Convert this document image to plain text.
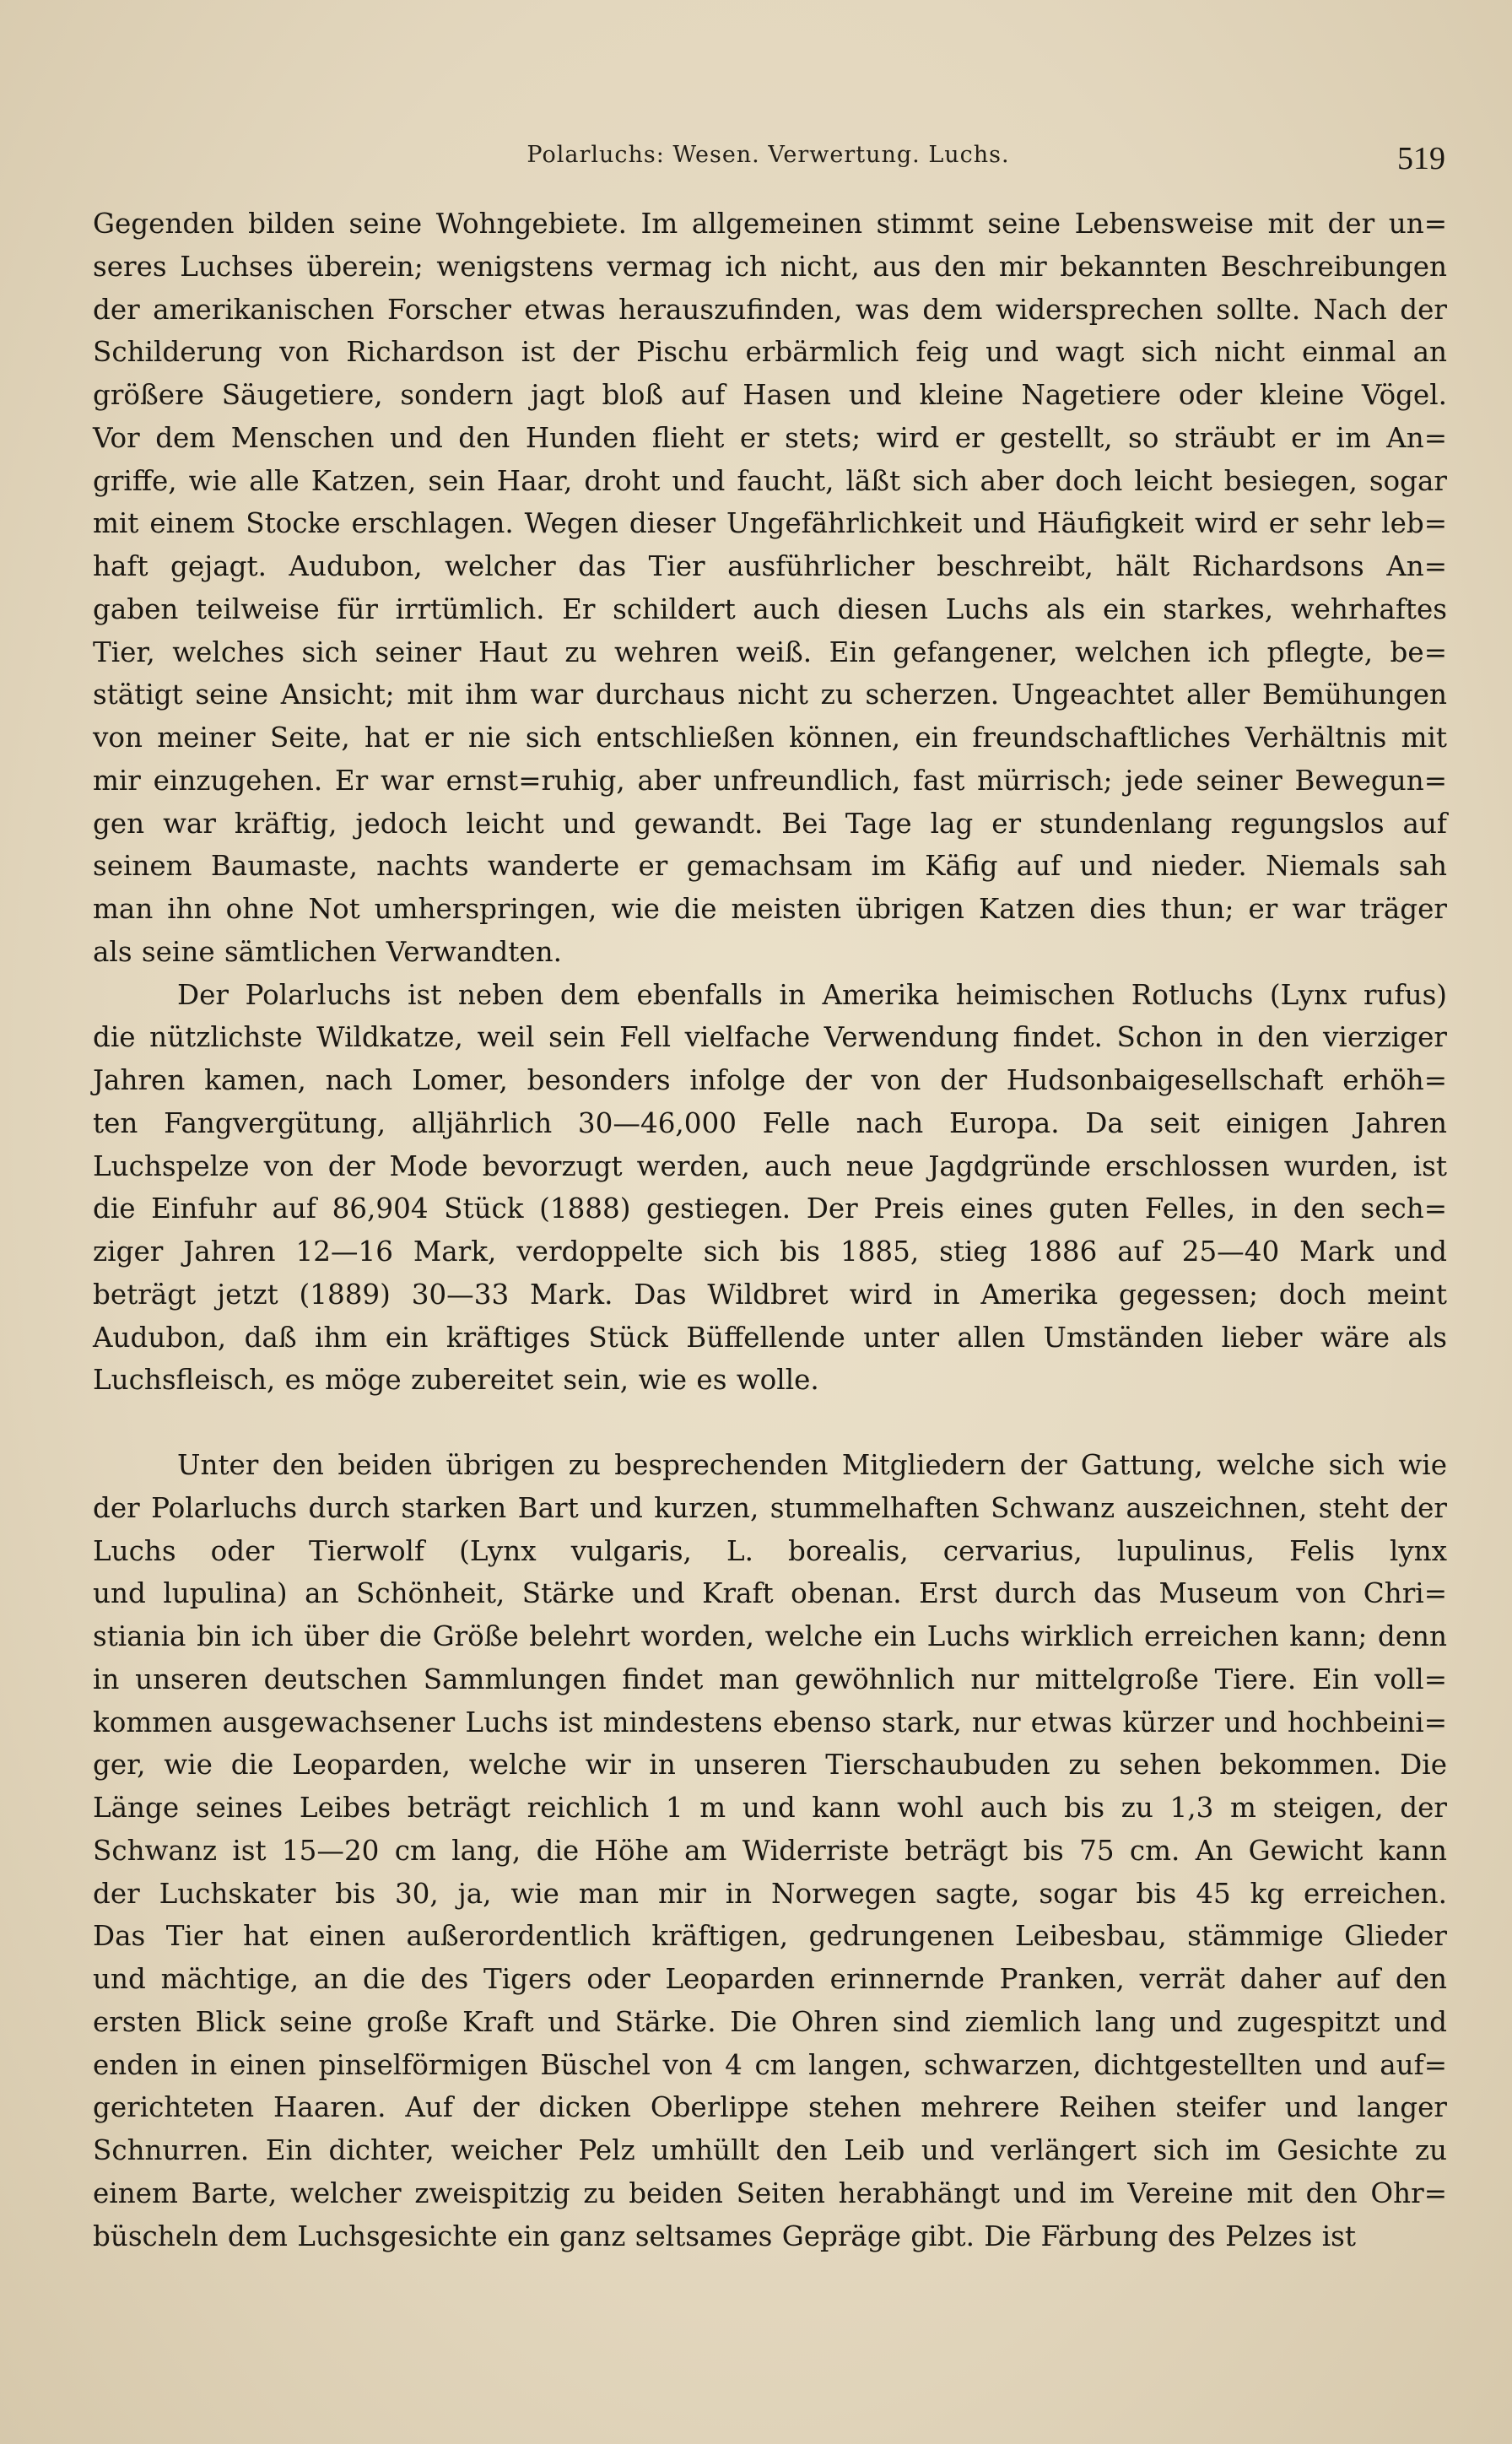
Polarluchs: Wesen. Verwertung. Luchs.	519
Gegenden bilden seine Wohngebiete. Im allgemeinen stimmt seine Lebensweise mit der un=
seres Luchses überein; wenigstens vermag ich nicht, aus den mir bekannten Beschreibungen
der amerikanischen Forscher etwas herauszufinden, was dem widersprechen sollte. Nach der
Schilderung von Richardson ist der Pischu erbärmlich feig und wagt sich nicht einmal an
größere Säugetiere, sondern jagt bloß auf Hasen und kleine Nagetiere oder kleine Vögel.
Vor dem Menschen und den Hunden flieht er stets; wird er gestellt, so sträubt er im An=
griffe, wie alle Katzen, sein Haar, droht und faucht, läßt sich aber doch leicht besiegen, sogar
mit einem Stocke erschlagen. Wegen dieser Ungefährlichkeit und Häufigkeit wird er sehr leb=
haft gejagt. Audubon, welcher das Tier ausführlicher beschreibt, hält Richardsons An=
gaben teilweise für irrtümlich. Er schildert auch diesen Luchs als ein starkes, wehrhaftes
Tier, welches sich seiner Haut zu wehren weiß. Ein gefangener, welchen ich pflegte, be=
stätigt seine Ansicht; mit ihm war durchaus nicht zu scherzen. Ungeachtet aller Bemühungen
von meiner Seite, hat er nie sich entschließen können, ein freundschaftliches Verhältnis mit
mir einzugehen. Er war ernst=ruhig, aber unfreundlich, fast mürrisch; jede seiner Bewegun=
gen war kräftig, jedoch leicht und gewandt. Bei Tage lag er stundenlang regungslos auf
seinem Baumaste, nachts wanderte er gemachsam im Käfig auf und nieder. Niemals sah
man ihn ohne Not umherspringen, wie die meisten übrigen Katzen dies thun; er war träger
als seine sämtlichen Verwandten.
Der Polarluchs ist neben dem ebenfalls in Amerika heimischen Rotluchs (Lynx rufus)
die nützlichste Wildkatze, weil sein Fell vielfache Verwendung findet. Schon in den vierziger
Jahren kamen, nach Lomer, besonders infolge der von der Hudsonbaigesellschaft erhöh=
ten Fangvergütung, alljährlich 30—46,000 Felle nach Europa. Da seit einigen Jahren
Luchspelze von der Mode bevorzugt werden, auch neue Jagdgründe erschlossen wurden, ist
die Einfuhr auf 86,904 Stück (1888) gestiegen. Der Preis eines guten Felles, in den sech=
ziger Jahren 12—16 Mark, verdoppelte sich bis 1885, stieg 1886 auf 25—40 Mark und
beträgt jetzt (1889) 30—33 Mark. Das Wildbret wird in Amerika gegessen; doch meint
Audubon, daß ihm ein kräftiges Stück Büffellende unter allen Umständen lieber wäre als
Luchsfleisch, es möge zubereitet sein, wie es wolle.
Unter den beiden übrigen zu besprechenden Mitgliedern der Gattung, welche sich wie
der Polarluchs durch starken Bart und kurzen, stummelhaften Schwanz auszeichnen, steht der
Luchs oder Tierwolf (Lynx vulgaris, L. borealis, cervarius, lupulinus, Felis lynx
und lupulina) an Schönheit, Stärke und Kraft obenan. Erst durch das Museum von Chri=
stiania bin ich über die Größe belehrt worden, welche ein Luchs wirklich erreichen kann; denn
in unseren deutschen Sammlungen findet man gewöhnlich nur mittelgroße Tiere. Ein voll=
kommen ausgewachsener Luchs ist mindestens ebenso stark, nur etwas kürzer und hochbeini=
ger, wie die Leoparden, welche wir in unseren Tierschaubuden zu sehen bekommen. Die
Länge seines Leibes beträgt reichlich 1 m und kann wohl auch bis zu 1,3 m steigen, der
Schwanz ist 15—20 cm lang, die Höhe am Widerriste beträgt bis 75 cm. An Gewicht kann
der Luchskater bis 30, ja, wie man mir in Norwegen sagte, sogar bis 45 kg erreichen.
Das Tier hat einen außerordentlich kräftigen, gedrungenen Leibesbau, stämmige Glieder
und mächtige, an die des Tigers oder Leoparden erinnernde Pranken, verrät daher auf den
ersten Blick seine große Kraft und Stärke. Die Ohren sind ziemlich lang und zugespitzt und
enden in einen pinselförmigen Büschel von 4 cm langen, schwarzen, dichtgestellten und auf=
gerichteten Haaren. Auf der dicken Oberlippe stehen mehrere Reihen steifer und langer
Schnurren. Ein dichter, weicher Pelz umhüllt den Leib und verlängert sich im Gesichte zu
einem Barte, welcher zweispitzig zu beiden Seiten herabhängt und im Vereine mit den Ohr=
büscheln dem Luchsgesichte ein ganz seltsames Gepräge gibt. Die Färbung des Pelzes ist
